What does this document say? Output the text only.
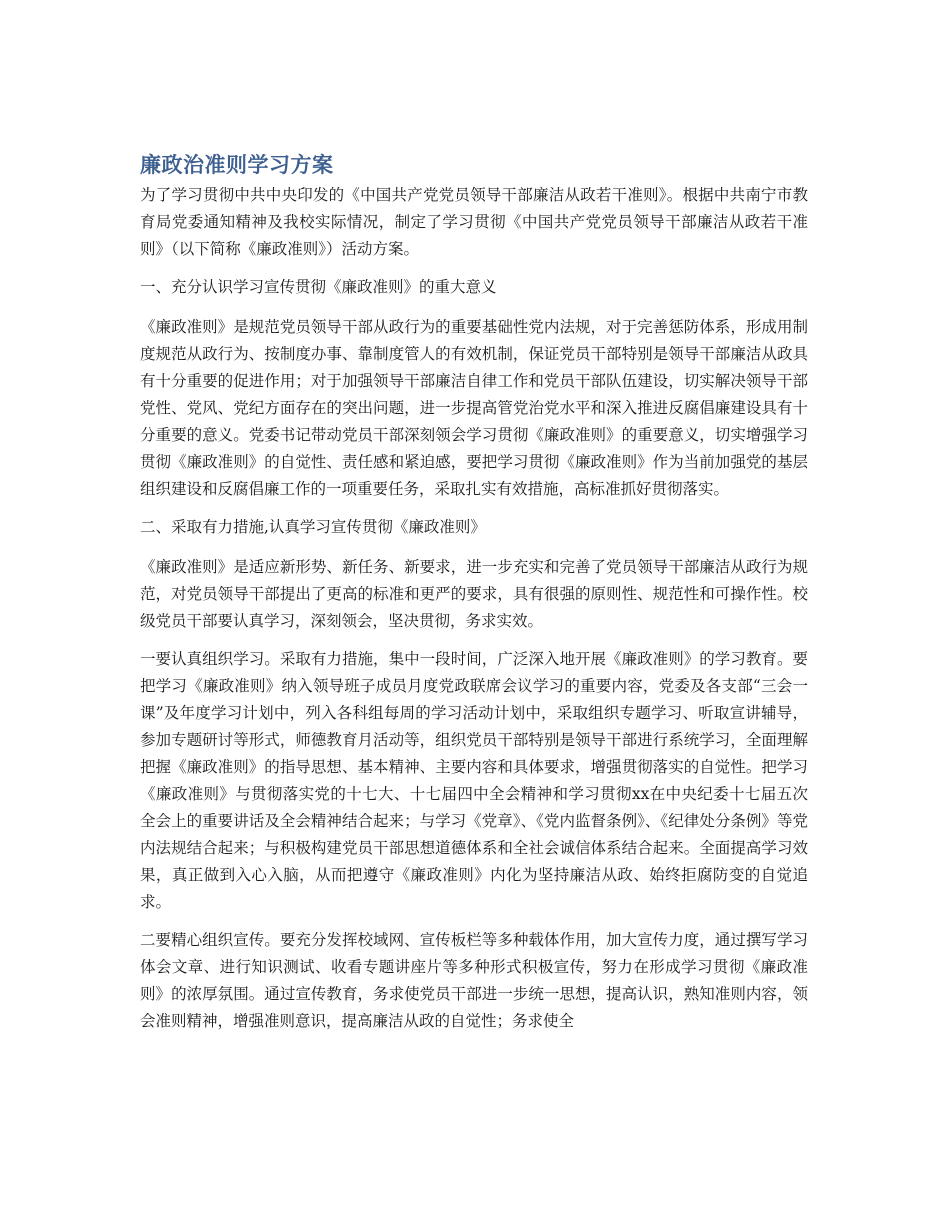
廉政治准则学习方案

为了学习贯彻中共中央印发的《中国共产党党员领导干部廉洁从政若干准则》。根据中共南宁市教育局党委通知精神及我校实际情况，制定了学习贯彻《中国共产党党员领导干部廉洁从政若干准则》（以下简称《廉政准则》）活动方案。

一、充分认识学习宣传贯彻《廉政准则》的重大意义

《廉政准则》是规范党员领导干部从政行为的重要基础性党内法规，对于完善惩防体系，形成用制度规范从政行为、按制度办事、靠制度管人的有效机制，保证党员干部特别是领导干部廉洁从政具有十分重要的促进作用；对于加强领导干部廉洁自律工作和党员干部队伍建设，切实解决领导干部党性、党风、党纪方面存在的突出问题，进一步提高管党治党水平和深入推进反腐倡廉建设具有十分重要的意义。党委书记带动党员干部深刻领会学习贯彻《廉政准则》的重要意义，切实增强学习贯彻《廉政准则》的自觉性、责任感和紧迫感，要把学习贯彻《廉政准则》作为当前加强党的基层组织建设和反腐倡廉工作的一项重要任务，采取扎实有效措施，高标准抓好贯彻落实。

二、采取有力措施,认真学习宣传贯彻《廉政准则》

《廉政准则》是适应新形势、新任务、新要求，进一步充实和完善了党员领导干部廉洁从政行为规范，对党员领导干部提出了更高的标准和更严的要求，具有很强的原则性、规范性和可操作性。校级党员干部要认真学习，深刻领会，坚决贯彻，务求实效。

一要认真组织学习。采取有力措施，集中一段时间，广泛深入地开展《廉政准则》的学习教育。要把学习《廉政准则》纳入领导班子成员月度党政联席会议学习的重要内容，党委及各支部“三会一课”及年度学习计划中，列入各科组每周的学习活动计划中，采取组织专题学习、听取宣讲辅导，参加专题研讨等形式，师德教育月活动等，组织党员干部特别是领导干部进行系统学习，全面理解把握《廉政准则》的指导思想、基本精神、主要内容和具体要求，增强贯彻落实的自觉性。把学习《廉政准则》与贯彻落实党的十七大、十七届四中全会精神和学习贯彻xx在中央纪委十七届五次全会上的重要讲话及全会精神结合起来；与学习《党章》、《党内监督条例》、《纪律处分条例》等党内法规结合起来；与积极构建党员干部思想道德体系和全社会诚信体系结合起来。全面提高学习效果，真正做到入心入脑，从而把遵守《廉政准则》内化为坚持廉洁从政、始终拒腐防变的自觉追求。

二要精心组织宣传。要充分发挥校域网、宣传板栏等多种载体作用，加大宣传力度，通过撰写学习体会文章、进行知识测试、收看专题讲座片等多种形式积极宣传，努力在形成学习贯彻《廉政准则》的浓厚氛围。通过宣传教育，务求使党员干部进一步统一思想，提高认识，熟知准则内容，领会准则精神，增强准则意识，提高廉洁从政的自觉性；务求使全
